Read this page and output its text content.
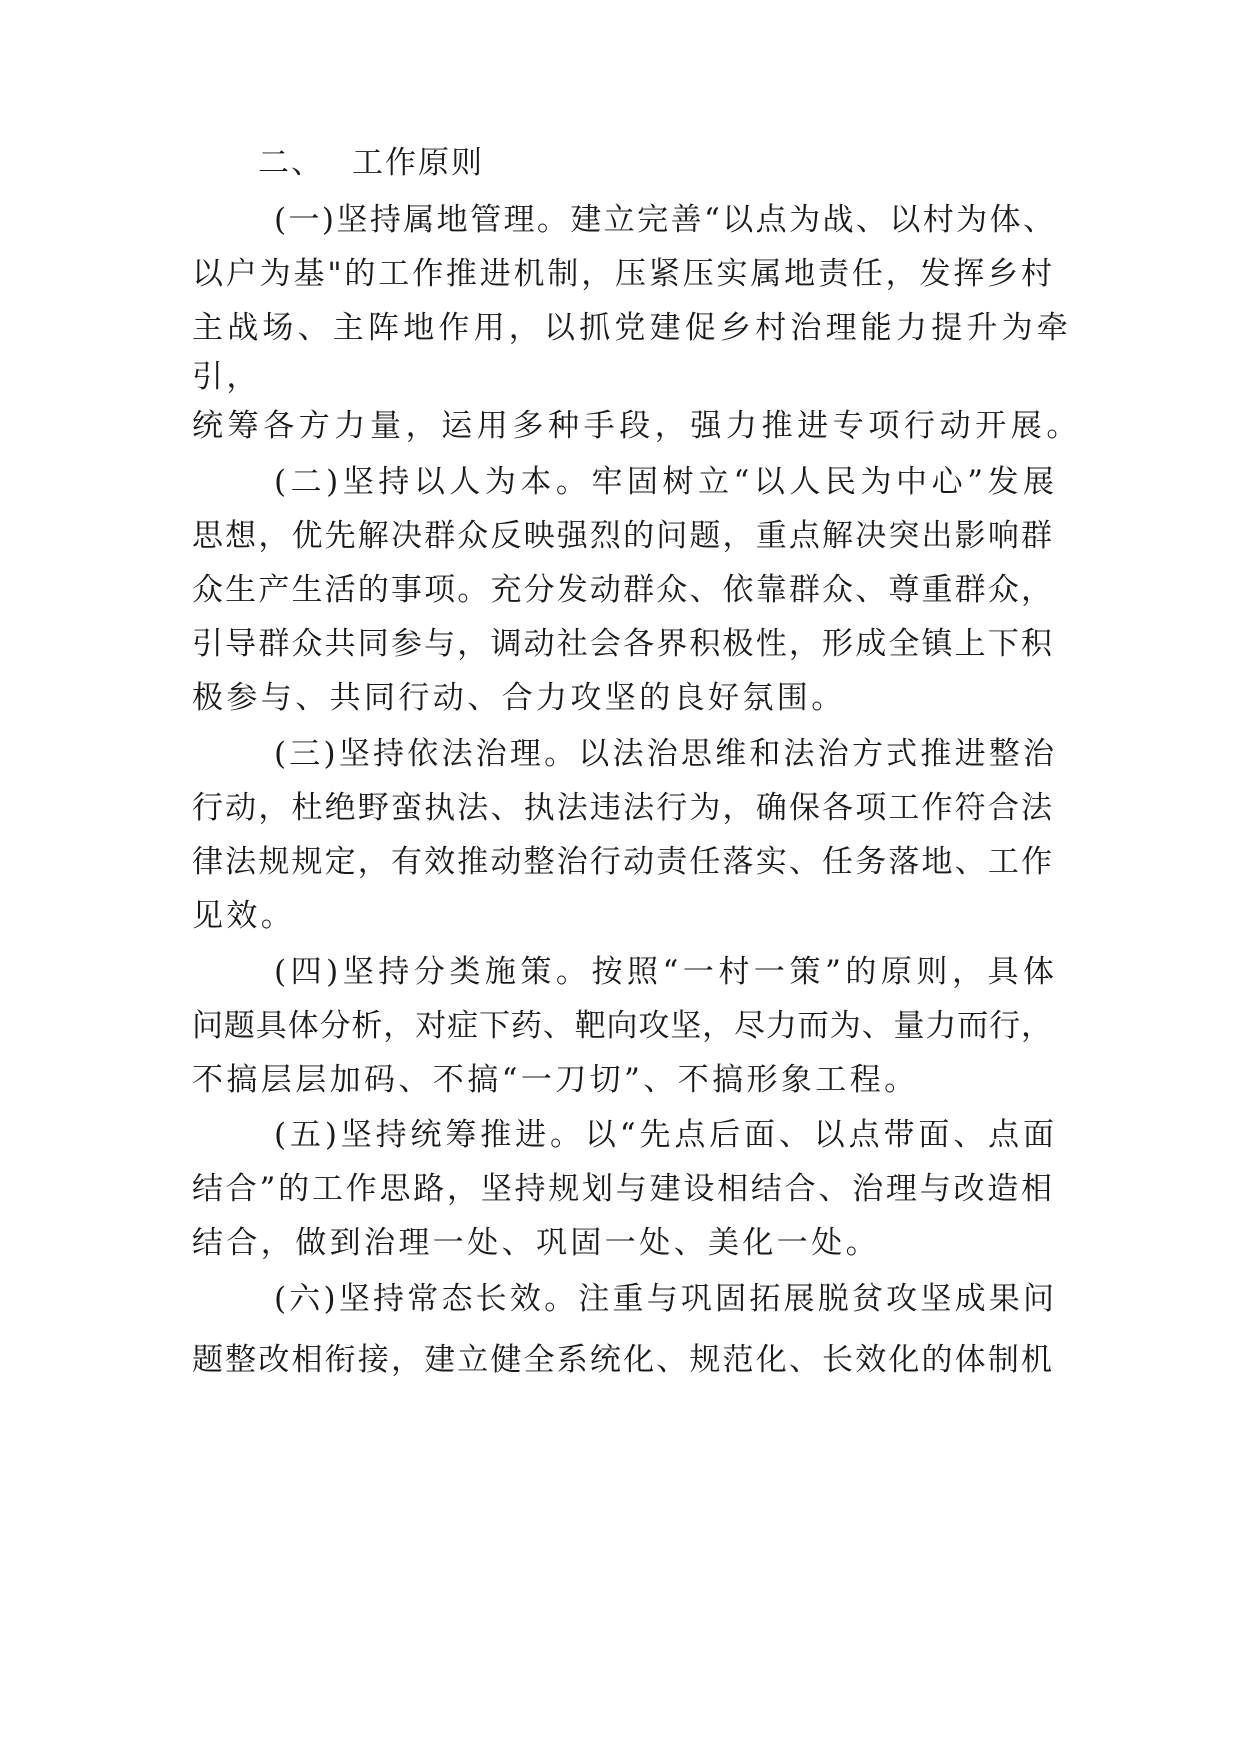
二、 工作原则
(一)坚持属地管理。建立完善“以点为战、以村为体、
以户为基"的工作推进机制，压紧压实属地责任，发挥乡村
主战场、主阵地作用，以抓党建促乡村治理能力提升为牵
引，
统筹各方力量，运用多种手段，强力推进专项行动开展。
(二)坚持以人为本。牢固树立“以人民为中心”发展
思想，优先解决群众反映强烈的问题，重点解决突出影响群
众生产生活的事项。充分发动群众、依靠群众、尊重群众，
引导群众共同参与，调动社会各界积极性，形成全镇上下积
极参与、共同行动、合力攻坚的良好氛围。
(三)坚持依法治理。以法治思维和法治方式推进整治
行动，杜绝野蛮执法、执法违法行为，确保各项工作符合法
律法规规定，有效推动整治行动责任落实、任务落地、工作
见效。
(四)坚持分类施策。按照“一村一策”的原则，具体
问题具体分析，对症下药、靶向攻坚，尽力而为、量力而行，
不搞层层加码、不搞“一刀切”、不搞形象工程。
(五)坚持统筹推进。以“先点后面、以点带面、点面
结合”的工作思路，坚持规划与建设相结合、治理与改造相
结合，做到治理一处、巩固一处、美化一处。
(六)坚持常态长效。注重与巩固拓展脱贫攻坚成果问
题整改相衔接，建立健全系统化、规范化、长效化的体制机
